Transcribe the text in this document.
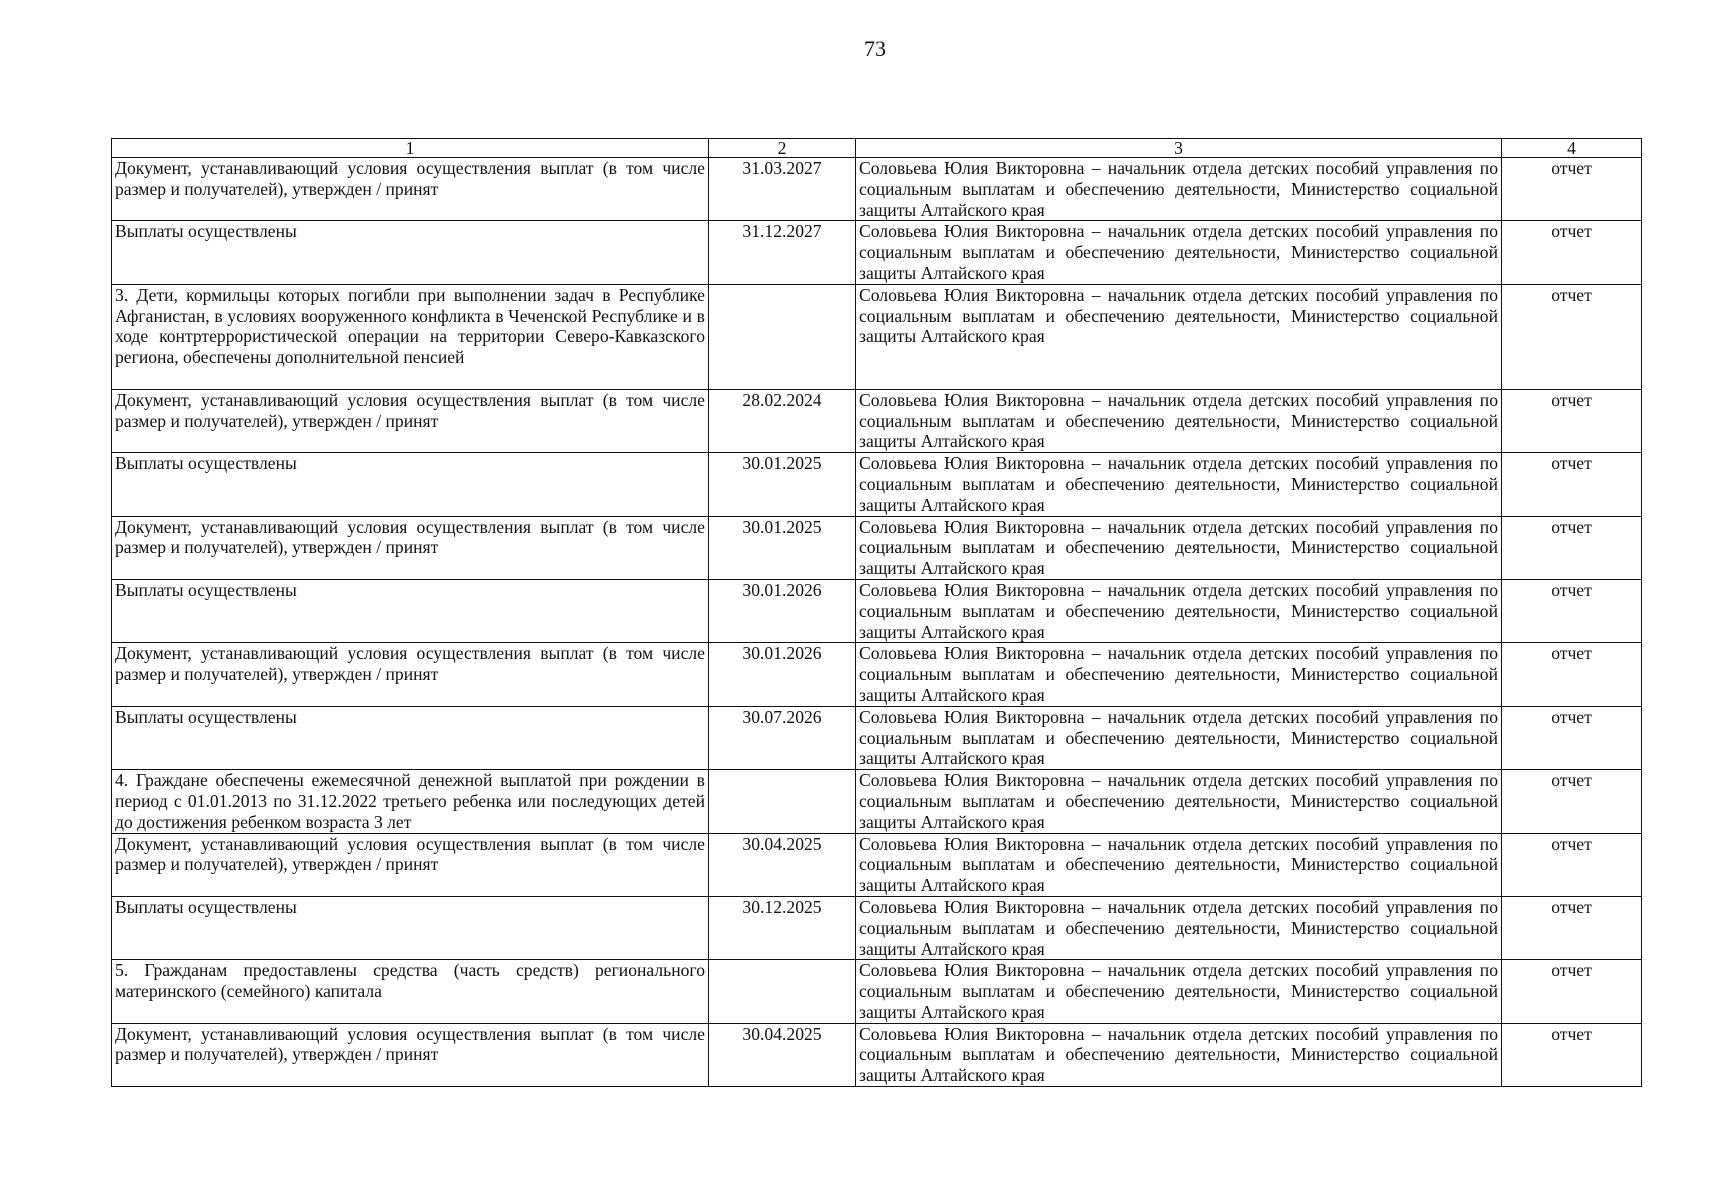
73
1	2	3	4
Документ, устанавливающий условия осуществления выплат (в том числе размер и получателей), утвержден / принят	31.03.2027	Соловьева Юлия Викторовна – начальник отдела детских пособий управления по социальным выплатам и обеспечению деятельности, Министерство социальной защиты Алтайского края	отчет
Выплаты осуществлены	31.12.2027	Соловьева Юлия Викторовна – начальник отдела детских пособий управления по социальным выплатам и обеспечению деятельности, Министерство социальной защиты Алтайского края	отчет
3. Дети, кормильцы которых погибли при выполнении задач в Республике Афганистан, в условиях вооруженного конфликта в Чеченской Республике и в ходе контртеррористической операции на территории Северо-Кавказского региона, обеспечены дополнительной пенсией		Соловьева Юлия Викторовна – начальник отдела детских пособий управления по социальным выплатам и обеспечению деятельности, Министерство социальной защиты Алтайского края	отчет
Документ, устанавливающий условия осуществления выплат (в том числе размер и получателей), утвержден / принят	28.02.2024	Соловьева Юлия Викторовна – начальник отдела детских пособий управления по социальным выплатам и обеспечению деятельности, Министерство социальной защиты Алтайского края	отчет
Выплаты осуществлены	30.01.2025	Соловьева Юлия Викторовна – начальник отдела детских пособий управления по социальным выплатам и обеспечению деятельности, Министерство социальной защиты Алтайского края	отчет
Документ, устанавливающий условия осуществления выплат (в том числе размер и получателей), утвержден / принят	30.01.2025	Соловьева Юлия Викторовна – начальник отдела детских пособий управления по социальным выплатам и обеспечению деятельности, Министерство социальной защиты Алтайского края	отчет
Выплаты осуществлены	30.01.2026	Соловьева Юлия Викторовна – начальник отдела детских пособий управления по социальным выплатам и обеспечению деятельности, Министерство социальной защиты Алтайского края	отчет
Документ, устанавливающий условия осуществления выплат (в том числе размер и получателей), утвержден / принят	30.01.2026	Соловьева Юлия Викторовна – начальник отдела детских пособий управления по социальным выплатам и обеспечению деятельности, Министерство социальной защиты Алтайского края	отчет
Выплаты осуществлены	30.07.2026	Соловьева Юлия Викторовна – начальник отдела детских пособий управления по социальным выплатам и обеспечению деятельности, Министерство социальной защиты Алтайского края	отчет
4. Граждане обеспечены ежемесячной денежной выплатой при рождении в период с 01.01.2013 по 31.12.2022 третьего ребенка или последующих детей до достижения ребенком возраста 3 лет		Соловьева Юлия Викторовна – начальник отдела детских пособий управления по социальным выплатам и обеспечению деятельности, Министерство социальной защиты Алтайского края	отчет
Документ, устанавливающий условия осуществления выплат (в том числе размер и получателей), утвержден / принят	30.04.2025	Соловьева Юлия Викторовна – начальник отдела детских пособий управления по социальным выплатам и обеспечению деятельности, Министерство социальной защиты Алтайского края	отчет
Выплаты осуществлены	30.12.2025	Соловьева Юлия Викторовна – начальник отдела детских пособий управления по социальным выплатам и обеспечению деятельности, Министерство социальной защиты Алтайского края	отчет
5. Гражданам предоставлены средства (часть средств) регионального материнского (семейного) капитала		Соловьева Юлия Викторовна – начальник отдела детских пособий управления по социальным выплатам и обеспечению деятельности, Министерство социальной защиты Алтайского края	отчет
Документ, устанавливающий условия осуществления выплат (в том числе размер и получателей), утвержден / принят	30.04.2025	Соловьева Юлия Викторовна – начальник отдела детских пособий управления по социальным выплатам и обеспечению деятельности, Министерство социальной защиты Алтайского края	отчет
